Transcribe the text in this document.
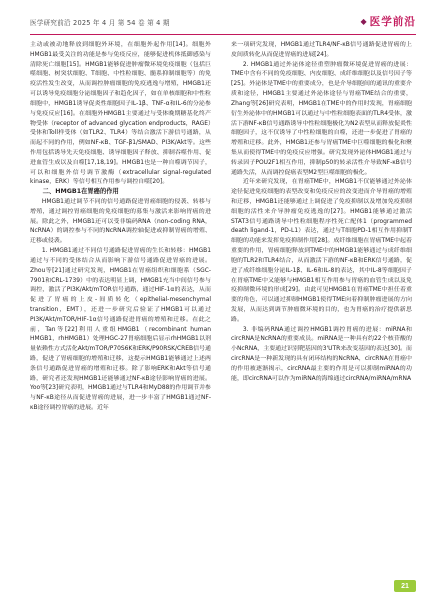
医学研究前沿 2025 年 4 月 第 54 卷 第 4 期	◆ 医学前沿

主动或被动地释放到细胞外环境，在细胞外起作用[14]。细胞外HMGB1最受关注的功能是参与免疫反应，能够促进机体抵御感染与清除死亡细胞[15]。HMGB1能够促进肿瘤微环境免疫细胞（包括巨噬细胞、树突状细胞、T细胞、中性粒细胞、髓系抑制细胞等）的免疫活性发生改变，从而调控肿瘤细胞的免疫逃逸与增殖，HMGB1还可以诱导免疫细胞分泌细胞因子和趋化因子，如在单核细胞和中性粒细胞中，HMGB1诱导促炎性细胞因子IL-1β、TNF-α和IL-6的分泌参与免疫反应[16]。在细胞外HMGB1主要通过与受体晚期糖基化终产物受体（receptor of advanced glycation endproducts，RAGE）受体和Toll样受体（如TLR2、TLR4）等结合激活下游信号通路，从而起不同的作用，例如NF-κB、TGF-β1/SMAD、PI3K/Akt等。这些作用包括诱导先天免疫细胞、诱导细胞因子释放、抑制吞噬作用、促进血管生成以及自噬[17,18,19]。HMGB1也是一种自噬调节因子，可以和细胞外信号调节激酶（extracellular signal-regulated kinase，ERK）等信号相互作用参与调控自噬[20]。

二、HMGB1在胃癌的作用

HMGB1通过调节不同的信号通路促进胃癌细胞的侵袭、转移与增殖，通过调控胃癌细胞的免疫细胞的募集与激活来影响胃癌的进展。除此之外，HMGB1还可以受非编码RNA（non-coding RNA，NcRNA）的调控参与不同的NcRNA调控轴促进或抑制胃癌的增殖、迁移或侵袭。

1. HMGB1通过不同信号通路促进胃癌的生长和转移：HMGB1通过与不同的受体结合从而影响下游信号通路促进胃癌的进展。Zhou等[21]通过研究发现，HMGB1在胃癌组织和细胞系（SGC-7901和CRL-1739）中的表达明显上调，HMGB1充当中间信号参与调控，激活了PI3K/Akt/mTOR信号通路，通过HIF-1α的表达，从而促进了胃癌的上皮-间质转化（epithelial-mesenchymal transition，EMT），还进一步研究后验证了HMGB1可以通过PI3K/Akt/mTOR/HIF-1α信号通路促进胃癌的增殖和迁移。在此之前，Tan等[22]利用人重组HMGB1（recombinant human HMGB1，rhHMGB1）处理HGC-27胃癌细胞后显示rhHMGB1以剂量依赖性方式活化Akt/mTOR/P70S6K和ERK/P90RSK/CREB信号通路，促进了胃癌细胞的增殖和迁移，这提示HMGB1能够通过上述两条信号通路促进胃癌的增殖和迁移。除了影响ERK和Akt等信号通路，研究者还发现HMGB1还能够通过NF-κB途径影响胃癌的进展。Yoo等[23]研究表明，HMGB1通过与TLR4和MyD88的作用调节并参与NF-κB途径从而促进胃癌的进展，进一步丰富了HMGB1通过NF-κB途径调控胃癌的进展。近年

来一项研究发现，HMGB1通过TLR4/NF-κB信号通路促进胃癌的上皮间质转化从而促进胃癌的进展[24]。

2. HMGB1通过外泌体途径重塑肿瘤微环境促进胃癌的进展：TME中含有不同的免疫细胞、内皮细胞、成纤维细胞以及信号因子等[25]。外泌体是TME中的重要成分，也是介导细胞间的通讯的重要介质和途径，HMGB1主要通过外泌体途径与胃癌TME结合的重要，Zhang等[26]研究表明，HMGB1在TME中的作用时发现，胃癌细胞衍生外泌体中的HMGB1可以通过与中性粒细胞表面的TLR4受体，激活下游NF-κB信号通路诱导中性粒细胞极化为N2表型从而释放促炎性细胞因子，这不仅诱导了中性粒细胞的自噬，还进一步促进了胃癌的增殖和迁移。此外，HMGB1还参与胃癌TME中巨噬细胞的极化和聚集从而使得TME中的免疫反应增强。研究发现外泌体HMGB1通过与转录因子POU2F1相互作用，抑制p50的转录活性介导致NF-κB信号通路失活，从而调控促癌表型M2型巨噬细胞的极化。

近年来研究发现，在胃癌TME中，HMGB1不仅能够通过外泌体途径促进免疫细胞的表型改变和免疫反应的改变进而介导胃癌的增殖和迁移，HMGB1还能够通过上调促进了免疫抑制以及增加免疫抑制细胞的活性来介导肿瘤免疫逃逸的[27]。HMGB1能够通过激活STAT3信号通路诱导中性粒细胞程序性死亡配体1（programmed death ligand-1，PD-L1）表达，通过与T细胞PD-1相互作用抑制T细胞的功能来发挥免疫抑制作用[28]。成纤维细胞在胃癌TME中起着重要的作用，胃癌细胞释放到TME中的HMGB1能够通过与成纤维细胞的TLR2和TLR4结合，从而激活下游的NF-κB和ERK信号通路，促进了成纤维细胞分泌IL-1β、IL-6和IL-8的表达，其中IL-8等细胞因子在胃癌TME中又能够与HMGB1相互作用参与胃癌的血管生成以及免疫抑制微环境的形成[29]。由此可见HMGB1在胃癌TME中担任着重要的角色，可以通过抑制HMGB1使得TME向着抑制肿瘤进展的方向发展，从而达到调节肿瘤微环境的目的，也为胃癌的治疗提供新思路。

3. 非编码RNA通过调控HMGB1调控胃癌的进展：miRNA和circRNA是NcRNA的重要成员。miRNA是一种具有约22个核苷酸的小NcRNA，主要通过识别靶基因的3'UTR来改变基因的表达[30]。而circRNA是一种新发现的具有闭环结构的NcRNA，circRNA在胃癌中的作用被逐渐揭示，circRNA最主要的作用是可以抑制miRNA的功能，即circRNA可以作为miRNA的海绵通过circRNA/miRNA/mRNA

21
